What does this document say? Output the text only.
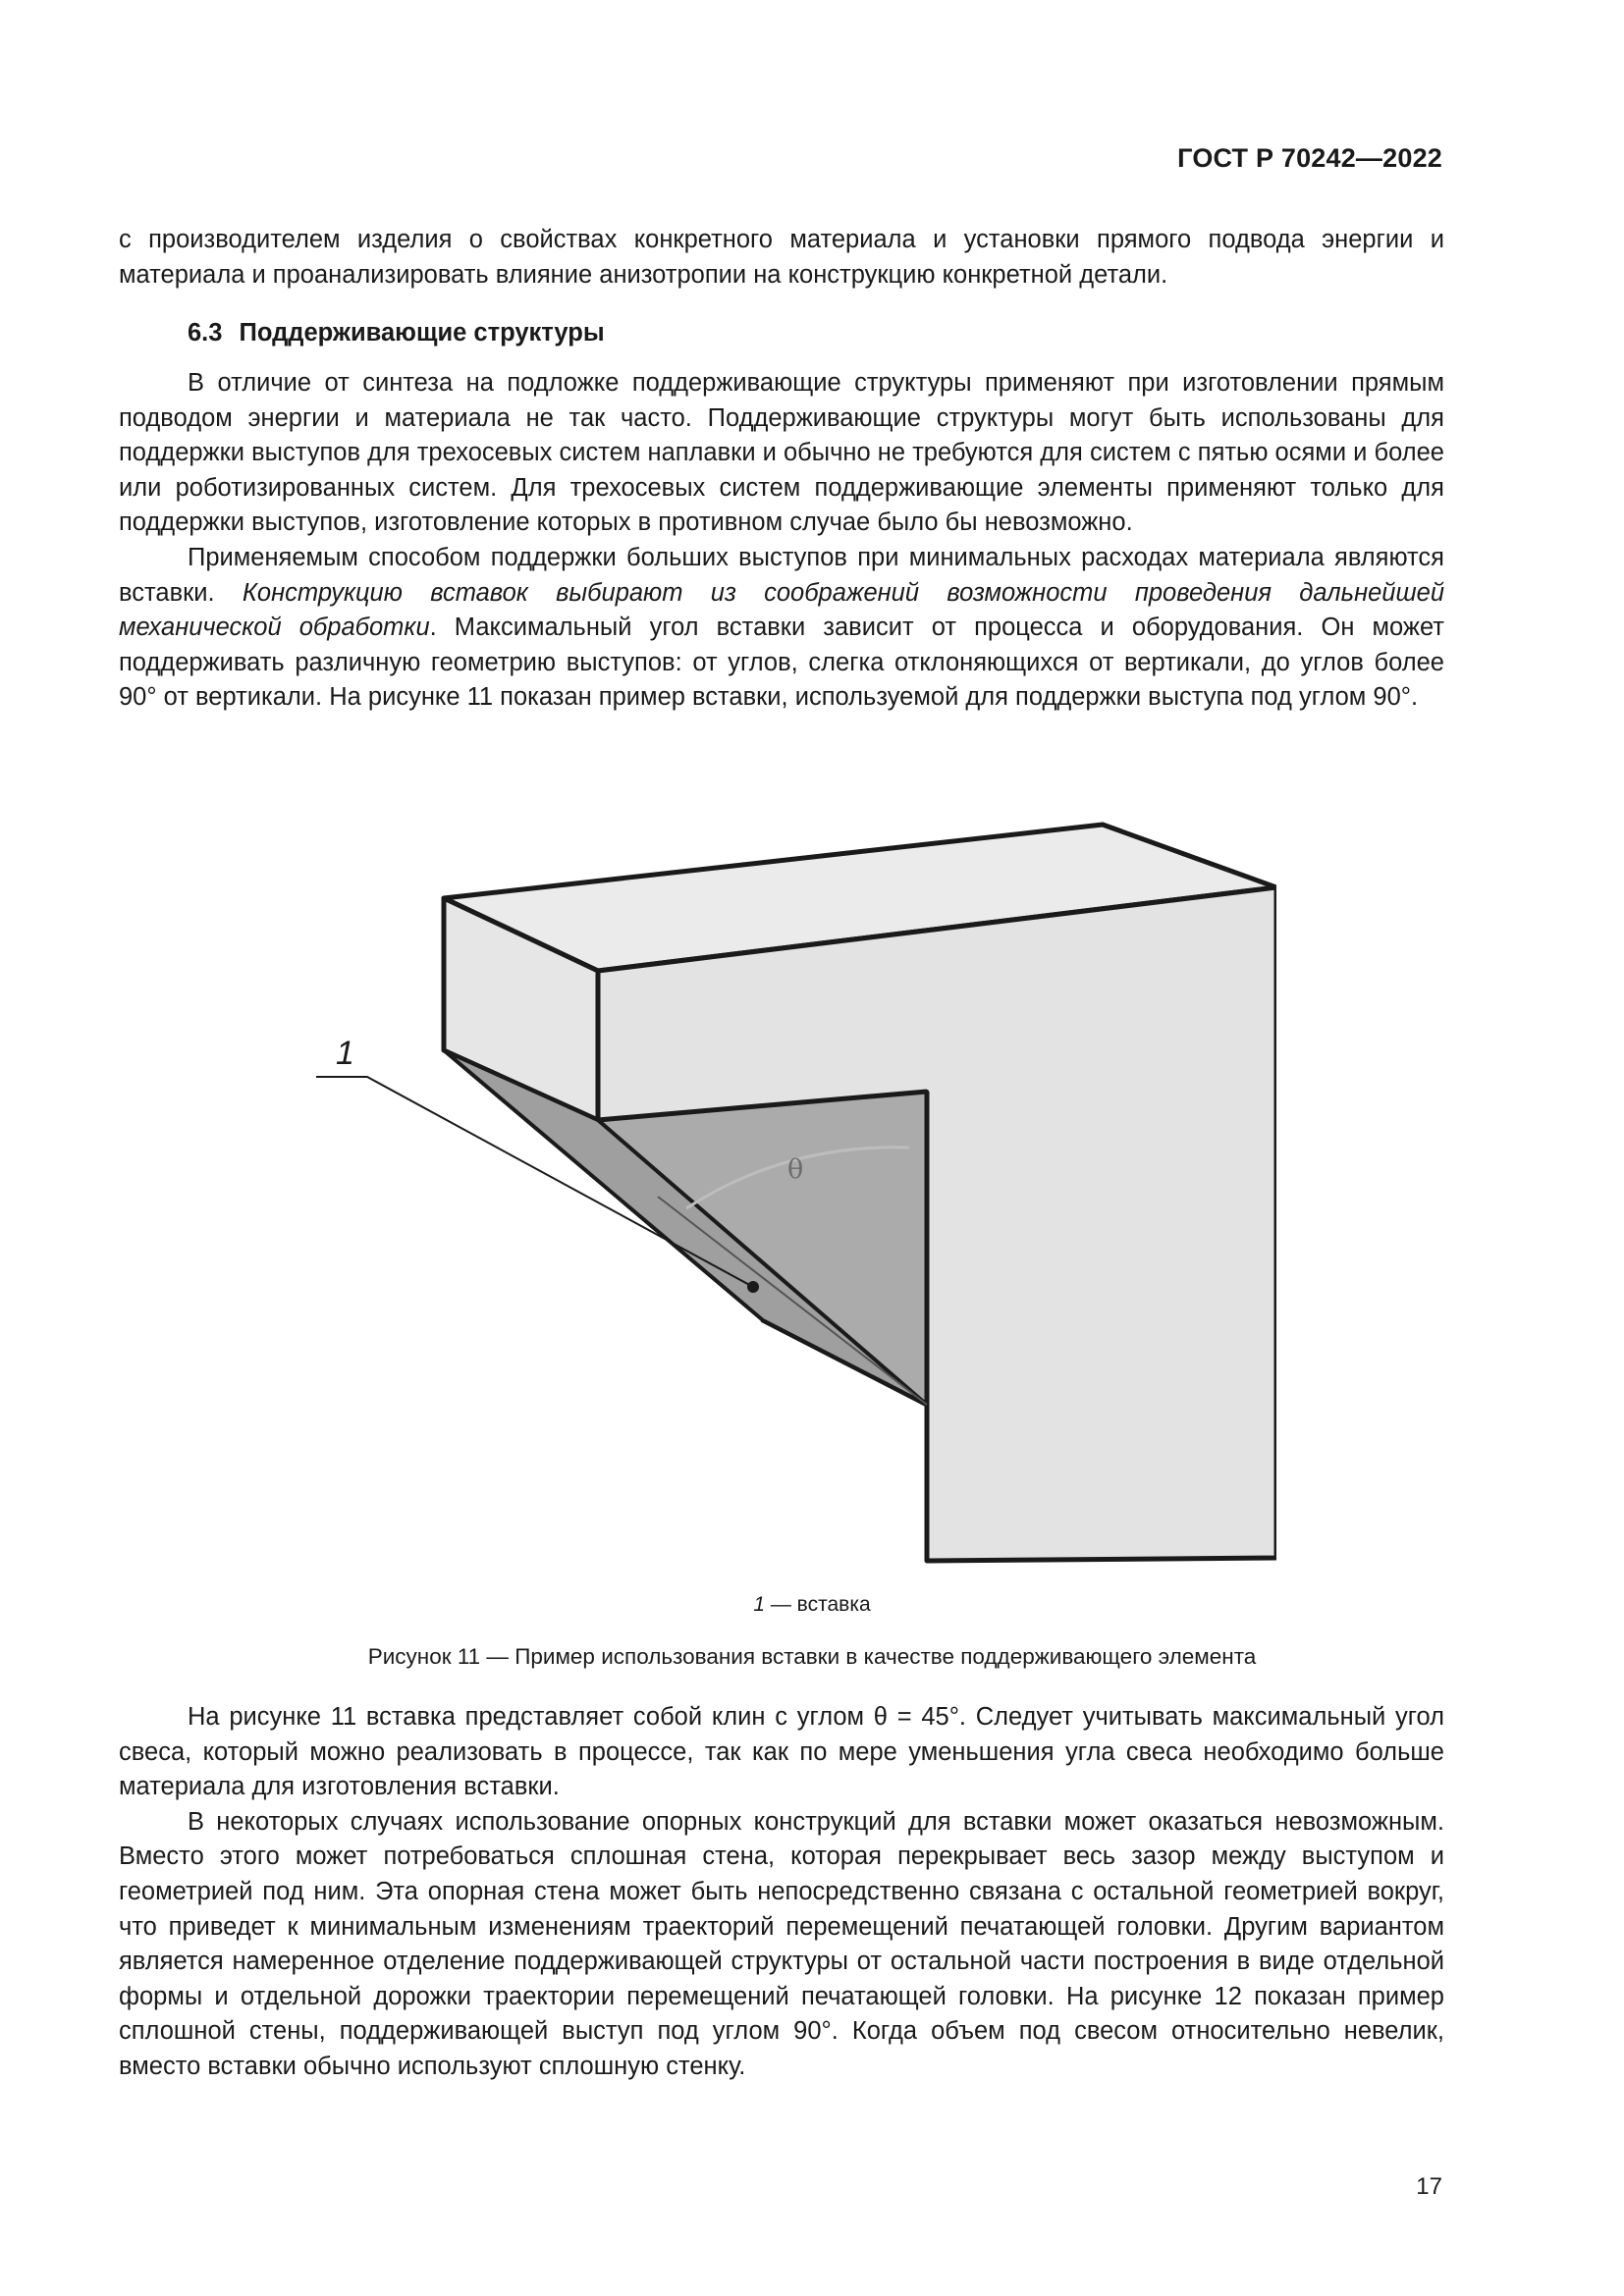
ГОСТ Р 70242—2022

с производителем изделия о свойствах конкретного материала и установки прямого подвода энергии и материала и проанализировать влияние анизотропии на конструкцию конкретной детали.

6.3 Поддерживающие структуры

В отличие от синтеза на подложке поддерживающие структуры применяют при изготовлении прямым подводом энергии и материала не так часто. Поддерживающие структуры могут быть использованы для поддержки выступов для трехосевых систем наплавки и обычно не требуются для систем с пятью осями и более или роботизированных систем. Для трехосевых систем поддерживающие элементы применяют только для поддержки выступов, изготовление которых в противном случае было бы невозможно.

Применяемым способом поддержки больших выступов при минимальных расходах материала являются вставки. Конструкцию вставок выбирают из соображений возможности проведения дальнейшей механической обработки. Максимальный угол вставки зависит от процесса и оборудования. Он может поддерживать различную геометрию выступов: от углов, слегка отклоняющихся от вертикали, до углов более 90° от вертикали. На рисунке 11 показан пример вставки, используемой для поддержки выступа под углом 90°.

1
θ
1 — вставка
Рисунок 11 — Пример использования вставки в качестве поддерживающего элемента

На рисунке 11 вставка представляет собой клин с углом θ = 45°. Следует учитывать максимальный угол свеса, который можно реализовать в процессе, так как по мере уменьшения угла свеса необходимо больше материала для изготовления вставки.

В некоторых случаях использование опорных конструкций для вставки может оказаться невозможным. Вместо этого может потребоваться сплошная стена, которая перекрывает весь зазор между выступом и геометрией под ним. Эта опорная стена может быть непосредственно связана с остальной геометрией вокруг, что приведет к минимальным изменениям траекторий перемещений печатающей головки. Другим вариантом является намеренное отделение поддерживающей структуры от остальной части построения в виде отдельной формы и отдельной дорожки траектории перемещений печатающей головки. На рисунке 12 показан пример сплошной стены, поддерживающей выступ под углом 90°. Когда объем под свесом относительно невелик, вместо вставки обычно используют сплошную стенку.

17
